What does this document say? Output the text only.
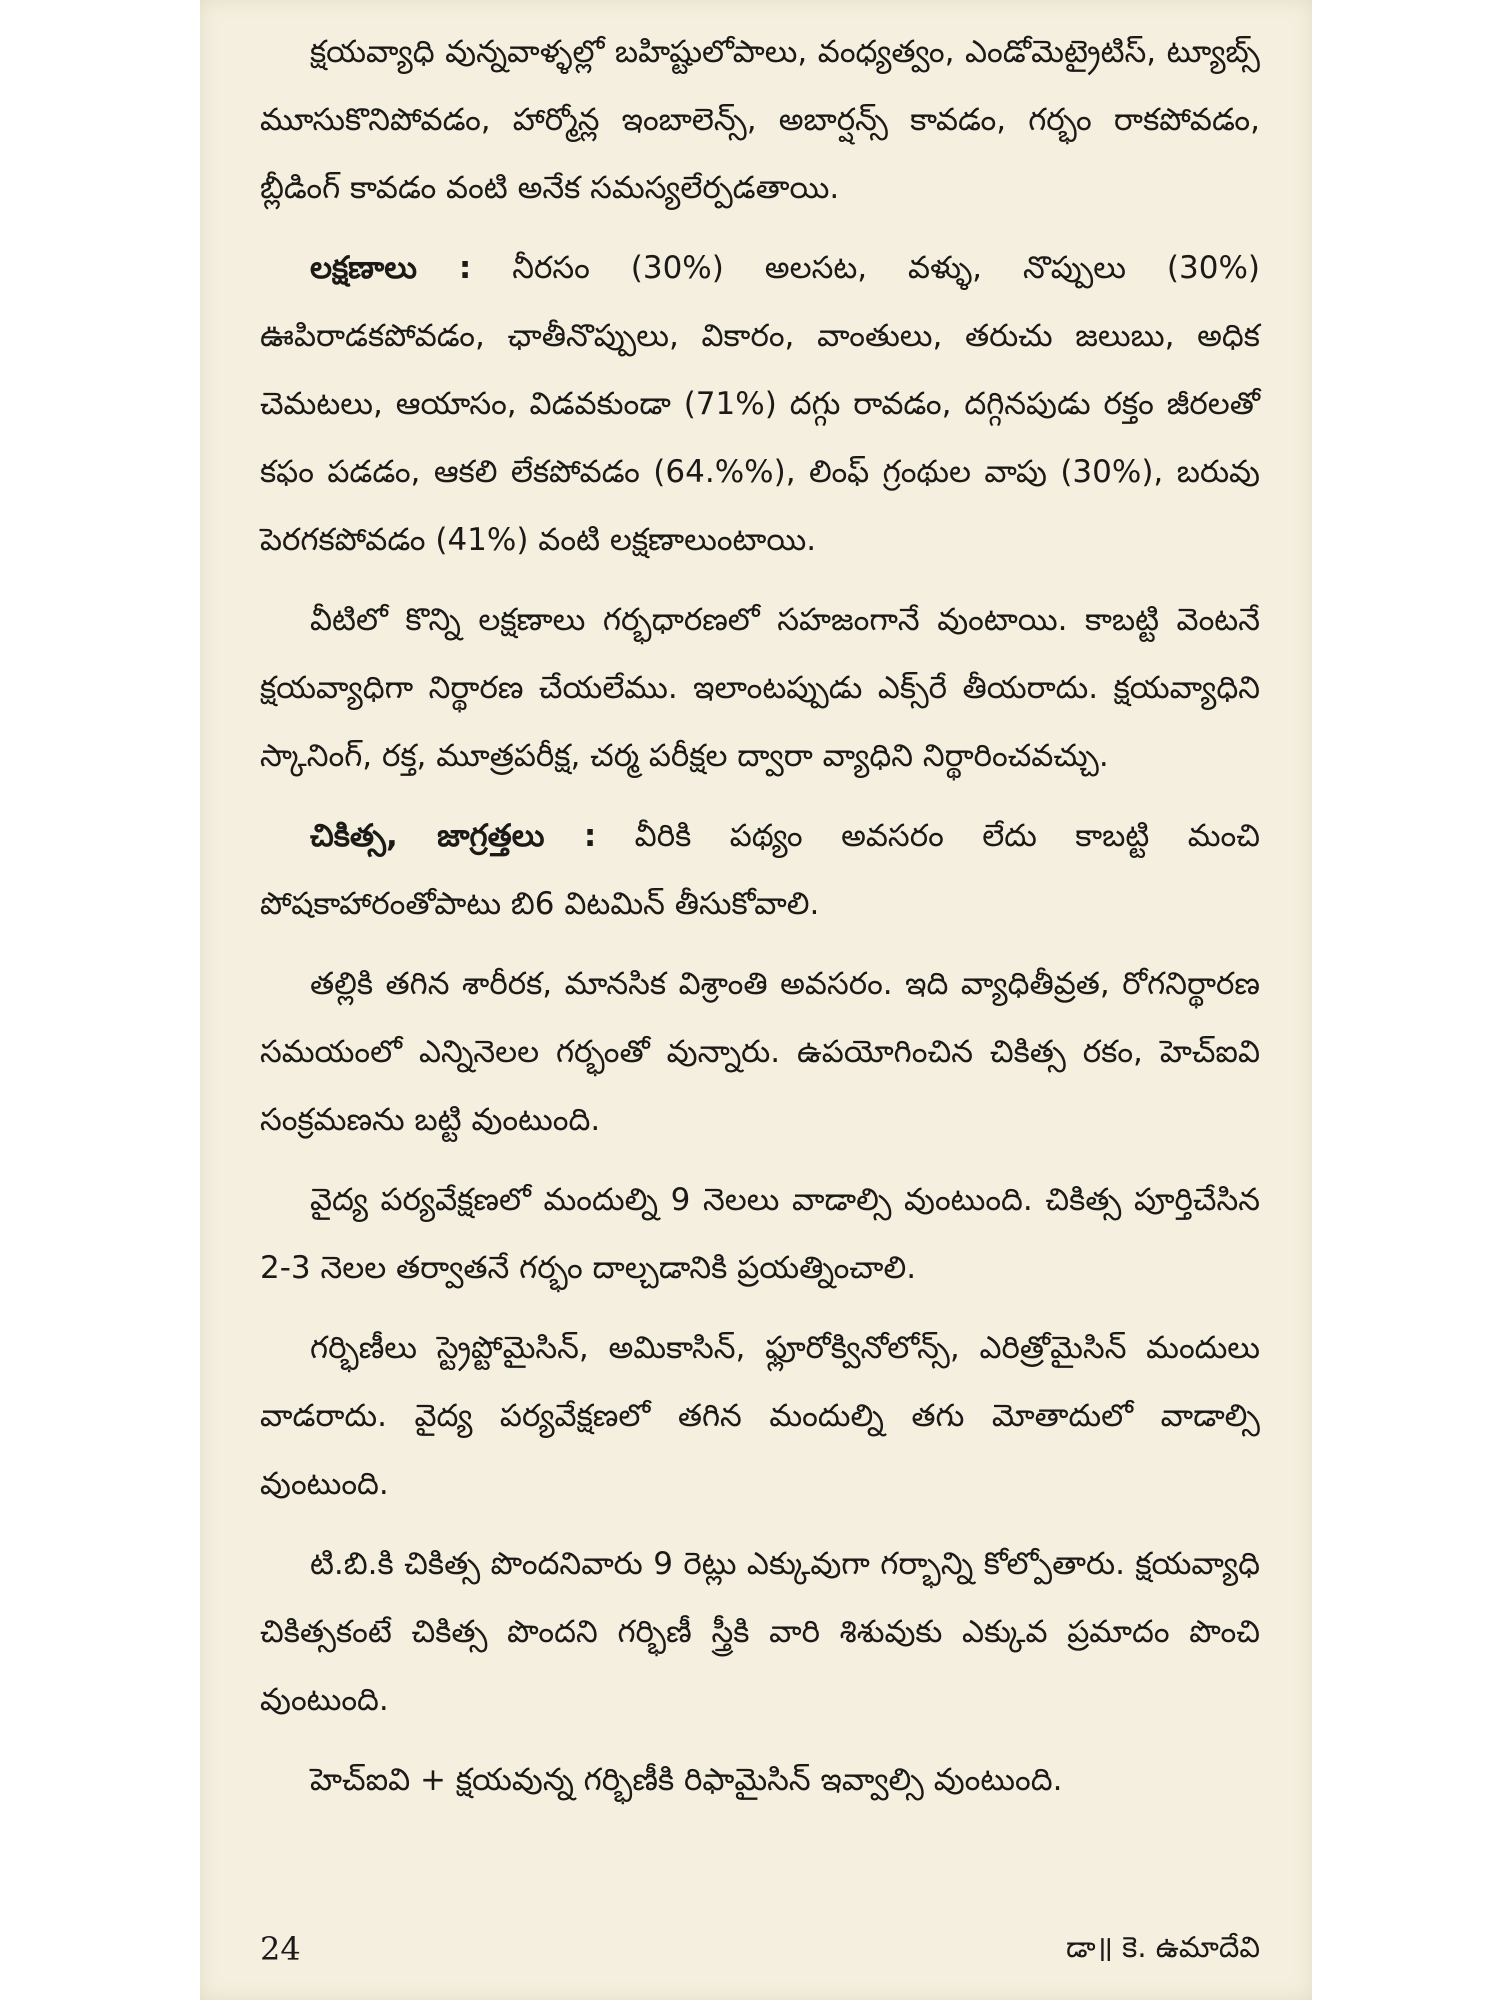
క్షయవ్యాధి వున్నవాళ్ళల్లో బహిష్టులోపాలు, వంధ్యత్వం, ఎండోమెట్రైటిస్, ట్యూబ్స్ మూసుకొనిపోవడం, హార్మోన్ల ఇంబాలెన్స్, అబార్షన్స్ కావడం, గర్భం రాకపోవడం, బ్లీడింగ్ కావడం వంటి అనేక సమస్యలేర్పడతాయి.

లక్షణాలు : నీరసం (30%) అలసట, వళ్ళు, నొప్పులు (30%) ఊపిరాడకపోవడం, ఛాతీనొప్పులు, వికారం, వాంతులు, తరుచు జలుబు, అధిక చెమటలు, ఆయాసం, విడవకుండా (71%) దగ్గు రావడం, దగ్గినపుడు రక్తం జీరలతో కఫం పడడం, ఆకలి లేకపోవడం (64.%%), లింఫ్ గ్రంథుల వాపు (30%), బరువు పెరగకపోవడం (41%) వంటి లక్షణాలుంటాయి.

వీటిలో కొన్ని లక్షణాలు గర్భధారణలో సహజంగానే వుంటాయి. కాబట్టి వెంటనే క్షయవ్యాధిగా నిర్థారణ చేయలేము. ఇలాంటప్పుడు ఎక్స్‌రే తీయరాదు. క్షయవ్యాధిని స్కానింగ్, రక్త, మూత్రపరీక్ష, చర్మ పరీక్షల ద్వారా వ్యాధిని నిర్థారించవచ్చు.

చికిత్స, జాగ్రత్తలు : వీరికి పథ్యం అవసరం లేదు కాబట్టి మంచి పోషకాహారంతోపాటు బి6 విటమిన్ తీసుకోవాలి.

తల్లికి తగిన శారీరక, మానసిక విశ్రాంతి అవసరం. ఇది వ్యాధితీవ్రత, రోగనిర్థారణ సమయంలో ఎన్నినెలల గర్భంతో వున్నారు. ఉపయోగించిన చికిత్స రకం, హెచ్ఐవి సంక్రమణను బట్టి వుంటుంది.

వైద్య పర్యవేక్షణలో మందుల్ని 9 నెలలు వాడాల్సి వుంటుంది. చికిత్స పూర్తిచేసిన 2-3 నెలల తర్వాతనే గర్భం దాల్చడానికి ప్రయత్నించాలి.

గర్భిణీలు స్ట్రెప్టోమైసిన్, అమికాసిన్, ఫ్లూరోక్వినోలోన్స్, ఎరిత్రోమైసిన్ మందులు వాడరాదు. వైద్య పర్యవేక్షణలో తగిన మందుల్ని తగు మోతాదులో వాడాల్సి వుంటుంది.

టి.బి.కి చికిత్స పొందనివారు 9 రెట్లు ఎక్కువుగా గర్భాన్ని కోల్పోతారు. క్షయవ్యాధి చికిత్సకంటే చికిత్స పొందని గర్భిణీ స్త్రీకి వారి శిశువుకు ఎక్కువ ప్రమాదం పొంచి వుంటుంది.

హెచ్ఐవి + క్షయవున్న గర్భిణీకి రిఫామైసిన్ ఇవ్వాల్సి వుంటుంది.

24	డా॥ కె. ఉమాదేవి
